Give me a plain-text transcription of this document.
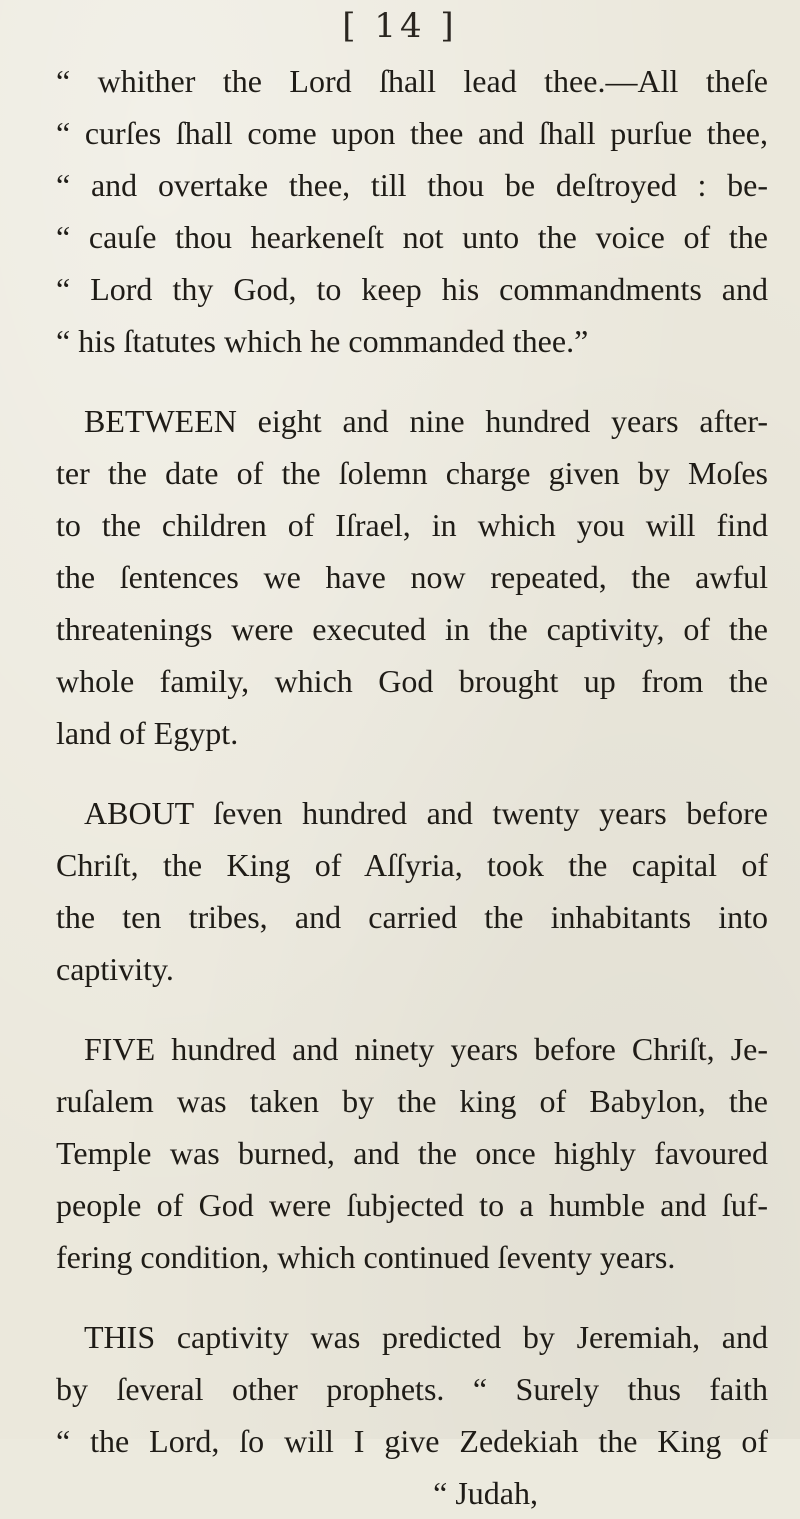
[ 14 ]
“ whither the Lord ſhall lead thee.—All theſe
“ curſes ſhall come upon thee and ſhall purſue thee,
“ and overtake thee, till thou be deſtroyed : be-
“ cauſe thou hearkeneſt not unto the voice of the
“ Lord thy God, to keep his commandments and
“ his ſtatutes which he commanded thee.”
BETWEEN eight and nine hundred years after-
ter the date of the ſolemn charge given by Moſes
to the children of Iſrael, in which you will find
the ſentences we have now repeated, the awful
threatenings were executed in the captivity, of the
whole family, which God brought up from the
land of Egypt.
ABOUT ſeven hundred and twenty years before
Chriſt, the King of Aſſyria, took the capital of
the ten tribes, and carried the inhabitants into
captivity.
FIVE hundred and ninety years before Chriſt, Je-
ruſalem was taken by the king of Babylon, the
Temple was burned, and the once highly favoured
people of God were ſubjected to a humble and ſuf-
fering condition, which continued ſeventy years.
THIS captivity was predicted by Jeremiah, and
by ſeveral other prophets. “ Surely thus faith
“ the Lord, ſo will I give Zedekiah the King of
“ Judah,
